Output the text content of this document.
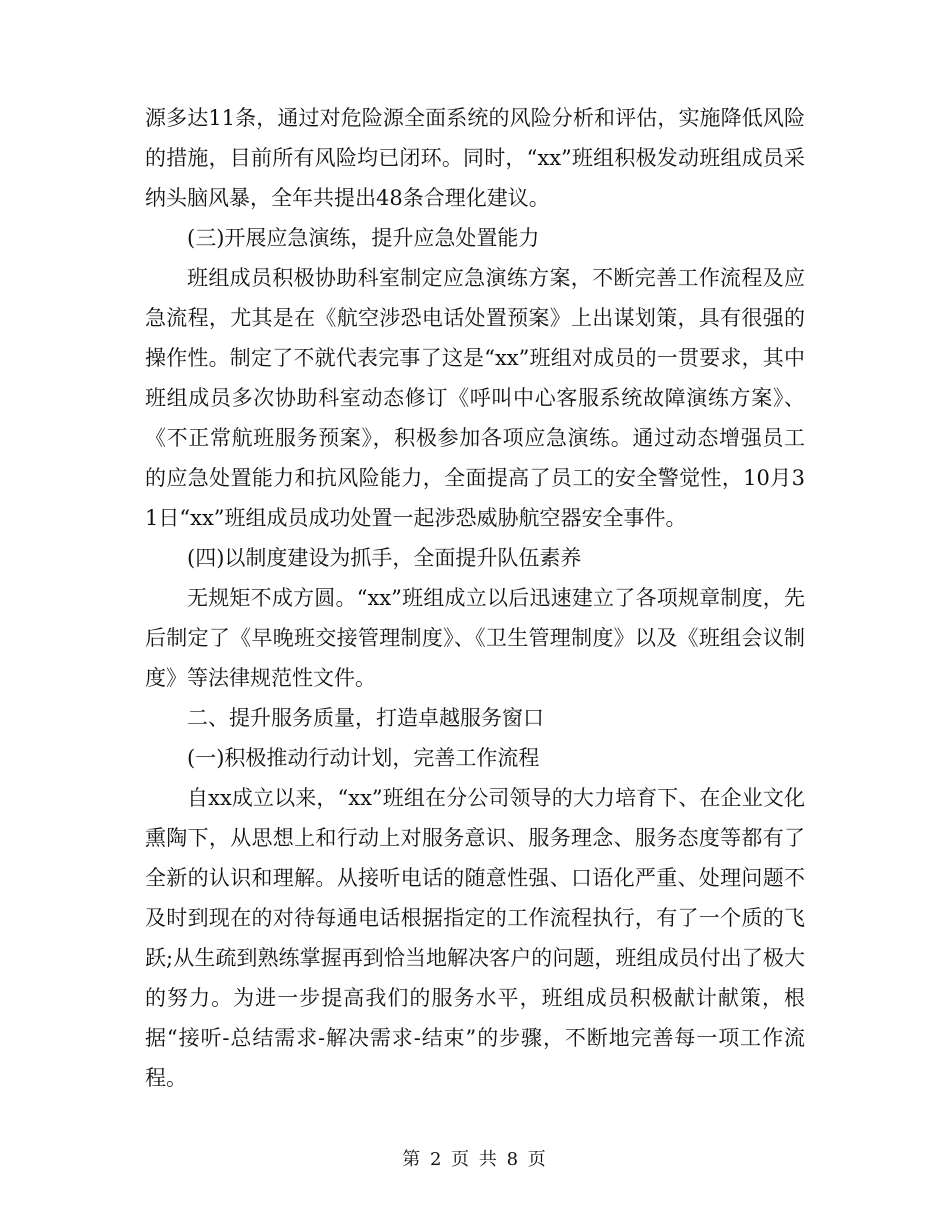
源多达11条，通过对危险源全面系统的风险分析和评估，实施降低风险的措施，目前所有风险均已闭环。同时，“xx”班组积极发动班组成员采纳头脑风暴，全年共提出48条合理化建议。

(三)开展应急演练，提升应急处置能力

班组成员积极协助科室制定应急演练方案，不断完善工作流程及应急流程，尤其是在《航空涉恐电话处置预案》上出谋划策，具有很强的操作性。制定了不就代表完事了这是“xx”班组对成员的一贯要求，其中班组成员多次协助科室动态修订《呼叫中心客服系统故障演练方案》、《不正常航班服务预案》，积极参加各项应急演练。通过动态增强员工的应急处置能力和抗风险能力，全面提高了员工的安全警觉性，10月31日“xx”班组成员成功处置一起涉恐威胁航空器安全事件。

(四)以制度建设为抓手，全面提升队伍素养

无规矩不成方圆。“xx”班组成立以后迅速建立了各项规章制度，先后制定了《早晚班交接管理制度》、《卫生管理制度》以及《班组会议制度》等法律规范性文件。

二、提升服务质量，打造卓越服务窗口

(一)积极推动行动计划，完善工作流程

自xx成立以来，“xx”班组在分公司领导的大力培育下、在企业文化熏陶下，从思想上和行动上对服务意识、服务理念、服务态度等都有了全新的认识和理解。从接听电话的随意性强、口语化严重、处理问题不及时到现在的对待每通电话根据指定的工作流程执行，有了一个质的飞跃;从生疏到熟练掌握再到恰当地解决客户的问题，班组成员付出了极大的努力。为进一步提高我们的服务水平，班组成员积极献计献策，根据“接听-总结需求-解决需求-结束”的步骤，不断地完善每一项工作流程。

第 2 页 共 8 页
